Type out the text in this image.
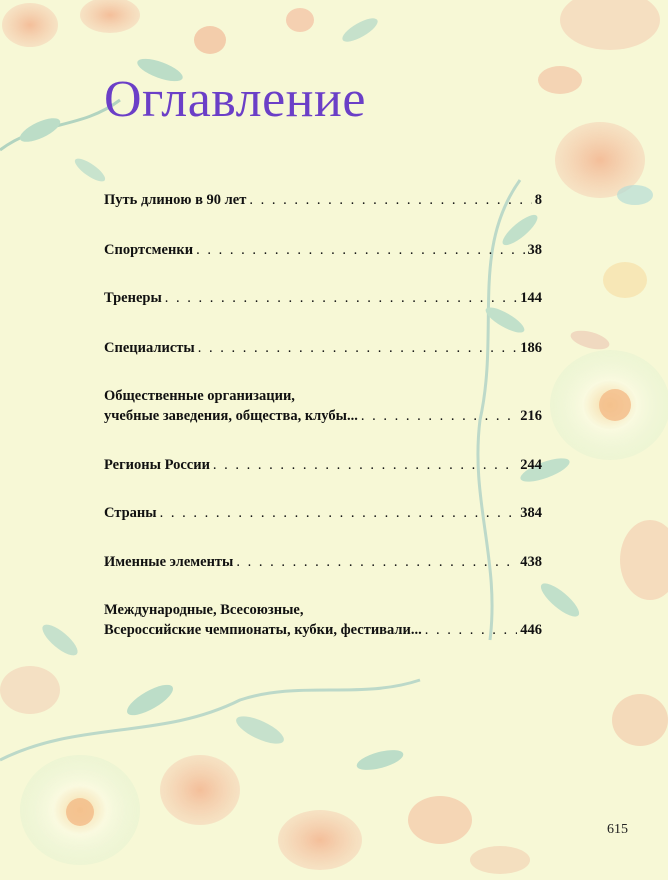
Оглавление
Путь длиною в 90 лет . . .	8
Спортсменки . . .	38
Тренеры . . .	144
Специалисты . . .	186
Общественные организации,
учебные заведения, общества, клубы... . . .	216
Регионы России . . .	244
Страны . . .	384
Именные элементы . . .	438
Международные, Всесоюзные,
Всероссийские чемпионаты, кубки, фестивали... . . .	446
615
